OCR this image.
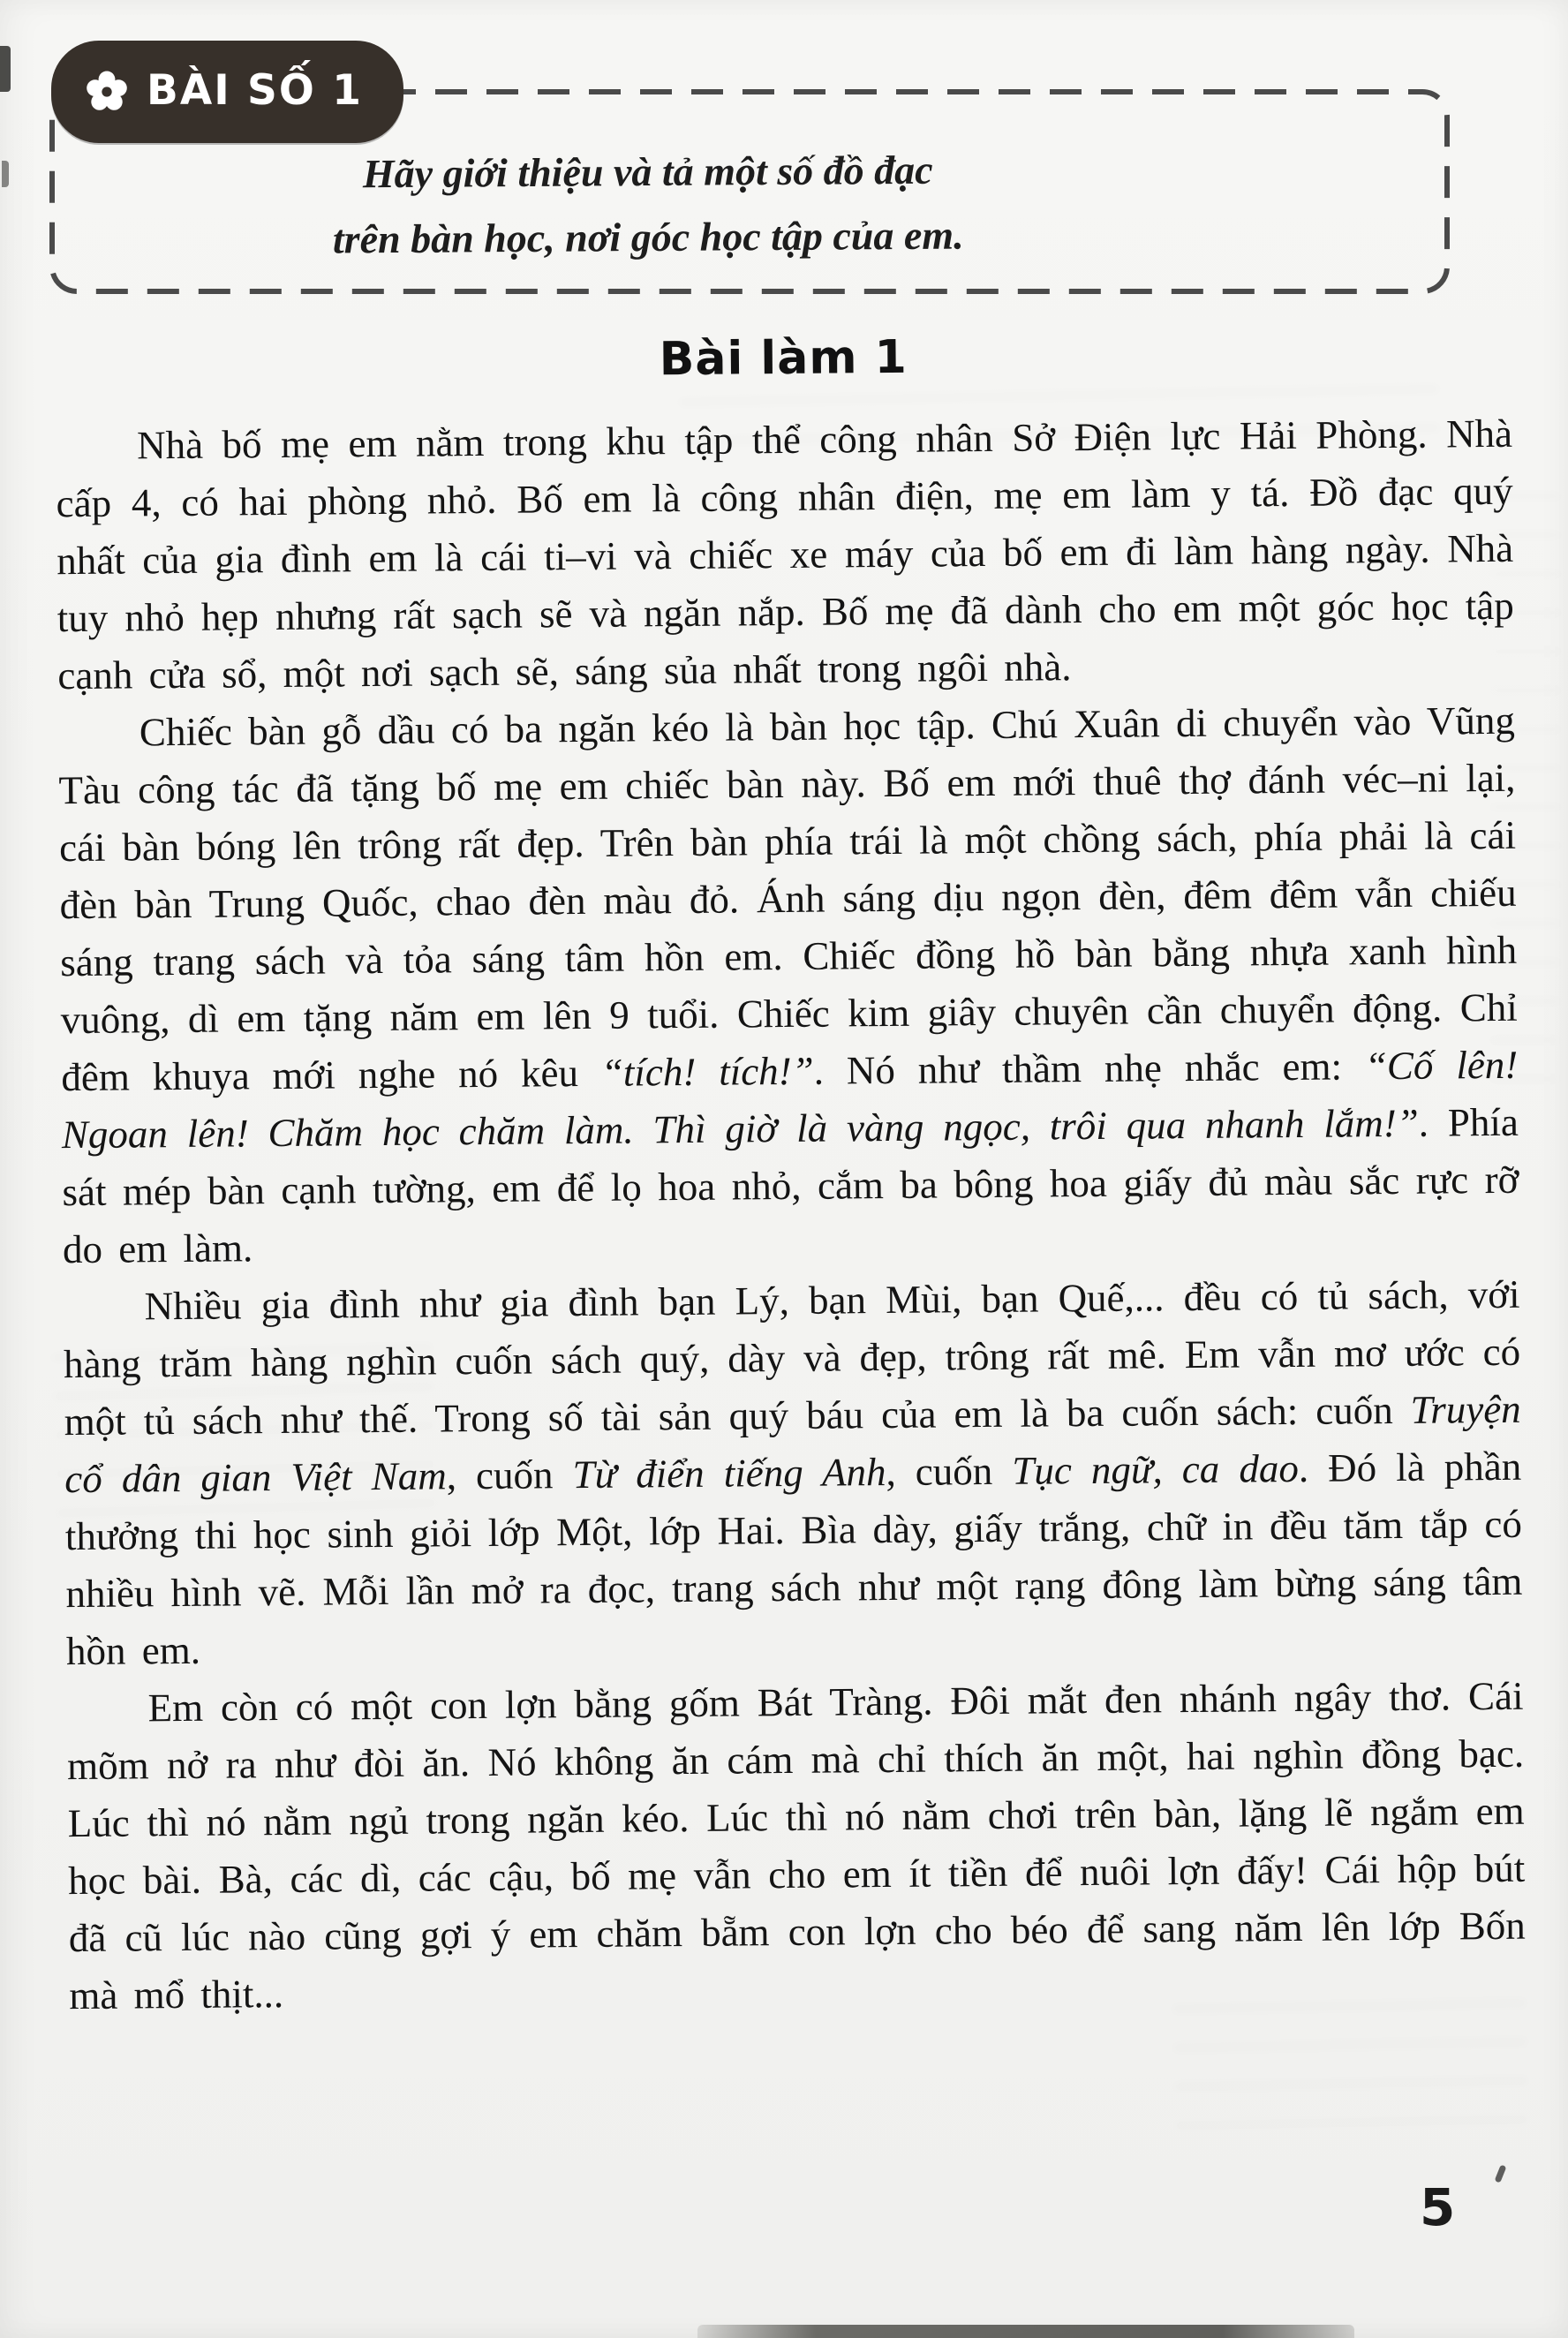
Hãy giới thiệu và tả một số đồ đạc
trên bàn học, nơi góc học tập của em.
BÀI SỐ 1
Bài làm 1

Nhà bố mẹ em nằm trong khu tập thể công nhân Sở Điện lực Hải Phòng. Nhà cấp 4, có hai phòng nhỏ. Bố em là công nhân điện, mẹ em làm y tá. Đồ đạc quý nhất của gia đình em là cái ti–vi và chiếc xe máy của bố em đi làm hàng ngày. Nhà tuy nhỏ hẹp nhưng rất sạch sẽ và ngăn nắp. Bố mẹ đã dành cho em một góc học tập cạnh cửa sổ, một nơi sạch sẽ, sáng sủa nhất trong ngôi nhà.

Chiếc bàn gỗ dầu có ba ngăn kéo là bàn học tập. Chú Xuân di chuyển vào Vũng Tàu công tác đã tặng bố mẹ em chiếc bàn này. Bố em mới thuê thợ đánh véc–ni lại, cái bàn bóng lên trông rất đẹp. Trên bàn phía trái là một chồng sách, phía phải là cái đèn bàn Trung Quốc, chao đèn màu đỏ. Ánh sáng dịu ngọn đèn, đêm đêm vẫn chiếu sáng trang sách và tỏa sáng tâm hồn em. Chiếc đồng hồ bàn bằng nhựa xanh hình vuông, dì em tặng năm em lên 9 tuổi. Chiếc kim giây chuyên cần chuyển động. Chỉ đêm khuya mới nghe nó kêu “tích! tích!”. Nó như thầm nhẹ nhắc em: “Cố lên! Ngoan lên! Chăm học chăm làm. Thì giờ là vàng ngọc, trôi qua nhanh lắm!”. Phía sát mép bàn cạnh tường, em để lọ hoa nhỏ, cắm ba bông hoa giấy đủ màu sắc rực rỡ do em làm.

Nhiều gia đình như gia đình bạn Lý, bạn Mùi, bạn Quế,... đều có tủ sách, với hàng trăm hàng nghìn cuốn sách quý, dày và đẹp, trông rất mê. Em vẫn mơ ước có một tủ sách như thế. Trong số tài sản quý báu của em là ba cuốn sách: cuốn Truyện cổ dân gian Việt Nam, cuốn Từ điển tiếng Anh, cuốn Tục ngữ, ca dao. Đó là phần thưởng thi học sinh giỏi lớp Một, lớp Hai. Bìa dày, giấy trắng, chữ in đều tăm tắp có nhiều hình vẽ. Mỗi lần mở ra đọc, trang sách như một rạng đông làm bừng sáng tâm hồn em.

Em còn có một con lợn bằng gốm Bát Tràng. Đôi mắt đen nhánh ngây thơ. Cái mõm nở ra như đòi ăn. Nó không ăn cám mà chỉ thích ăn một, hai nghìn đồng bạc. Lúc thì nó nằm ngủ trong ngăn kéo. Lúc thì nó nằm chơi trên bàn, lặng lẽ ngắm em học bài. Bà, các dì, các cậu, bố mẹ vẫn cho em ít tiền để nuôi lợn đấy! Cái hộp bút đã cũ lúc nào cũng gợi ý em chăm bẵm con lợn cho béo để sang năm lên lớp Bốn mà mổ thịt...

5
